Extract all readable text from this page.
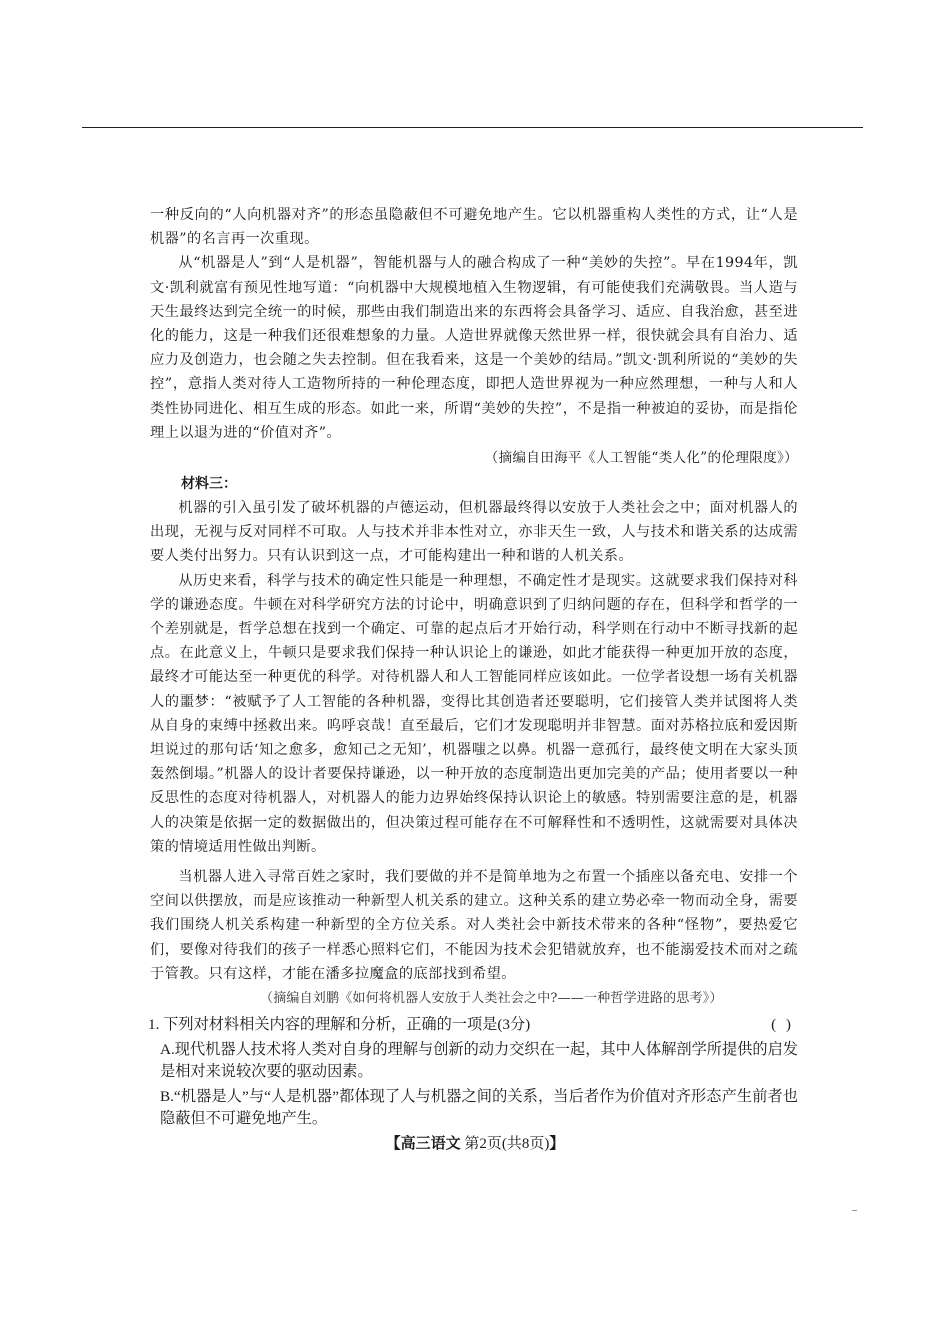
一种反向的“人向机器对齐”的形态虽隐蔽但不可避免地产生。它以机器重构人类性的方式，让“人是机器”的名言再一次重现。

从“机器是人”到“人是机器”，智能机器与人的融合构成了一种“美妙的失控”。早在1994年，凯文·凯利就富有预见性地写道：“向机器中大规模地植入生物逻辑，有可能使我们充满敬畏。当人造与天生最终达到完全统一的时候，那些由我们制造出来的东西将会具备学习、适应、自我治愈，甚至进化的能力，这是一种我们还很难想象的力量。人造世界就像天然世界一样，很快就会具有自治力、适应力及创造力，也会随之失去控制。但在我看来，这是一个美妙的结局。”凯文·凯利所说的“美妙的失控”，意指人类对待人工造物所持的一种伦理态度，即把人造世界视为一种应然理想，一种与人和人类性协同进化、相互生成的形态。如此一来，所谓“美妙的失控”，不是指一种被迫的妥协，而是指伦理上以退为进的“价值对齐”。

（摘编自田海平《人工智能“类人化”的伦理限度》）

材料三：

机器的引入虽引发了破坏机器的卢德运动，但机器最终得以安放于人类社会之中；面对机器人的出现，无视与反对同样不可取。人与技术并非本性对立，亦非天生一致，人与技术和谐关系的达成需要人类付出努力。只有认识到这一点，才可能构建出一种和谐的人机关系。

从历史来看，科学与技术的确定性只能是一种理想，不确定性才是现实。这就要求我们保持对科学的谦逊态度。牛顿在对科学研究方法的讨论中，明确意识到了归纳问题的存在，但科学和哲学的一个差别就是，哲学总想在找到一个确定、可靠的起点后才开始行动，科学则在行动中不断寻找新的起点。在此意义上，牛顿只是要求我们保持一种认识论上的谦逊，如此才能获得一种更加开放的态度，最终才可能达至一种更优的科学。对待机器人和人工智能同样应该如此。一位学者设想一场有关机器人的噩梦：“被赋予了人工智能的各种机器，变得比其创造者还要聪明，它们接管人类并试图将人类从自身的束缚中拯救出来。呜呼哀哉！直至最后，它们才发现聪明并非智慧。面对苏格拉底和爱因斯坦说过的那句话‘知之愈多，愈知己之无知’，机器嗤之以鼻。机器一意孤行，最终使文明在大家头顶轰然倒塌。”机器人的设计者要保持谦逊，以一种开放的态度制造出更加完美的产品；使用者要以一种反思性的态度对待机器人，对机器人的能力边界始终保持认识论上的敏感。特别需要注意的是，机器人的决策是依据一定的数据做出的，但决策过程可能存在不可解释性和不透明性，这就需要对具体决策的情境适用性做出判断。

当机器人进入寻常百姓之家时，我们要做的并不是简单地为之布置一个插座以备充电、安排一个空间以供摆放，而是应该推动一种新型人机关系的建立。这种关系的建立势必牵一物而动全身，需要我们围绕人机关系构建一种新型的全方位关系。对人类社会中新技术带来的各种“怪物”，要热爱它们，要像对待我们的孩子一样悉心照料它们，不能因为技术会犯错就放弃，也不能溺爱技术而对之疏于管教。只有这样，才能在潘多拉魔盒的底部找到希望。

（摘编自刘鹏《如何将机器人安放于人类社会之中?——一种哲学进路的思考》）

1. 下列对材料相关内容的理解和分析，正确的一项是(3分)	( )
A.现代机器人技术将人类对自身的理解与创新的动力交织在一起，其中人体解剖学所提供的启发是相对来说较次要的驱动因素。
B.“机器是人”与“人是机器”都体现了人与机器之间的关系，当后者作为价值对齐形态产生前者也隐蔽但不可避免地产生。
【高三语文 第2页(共8页)】
